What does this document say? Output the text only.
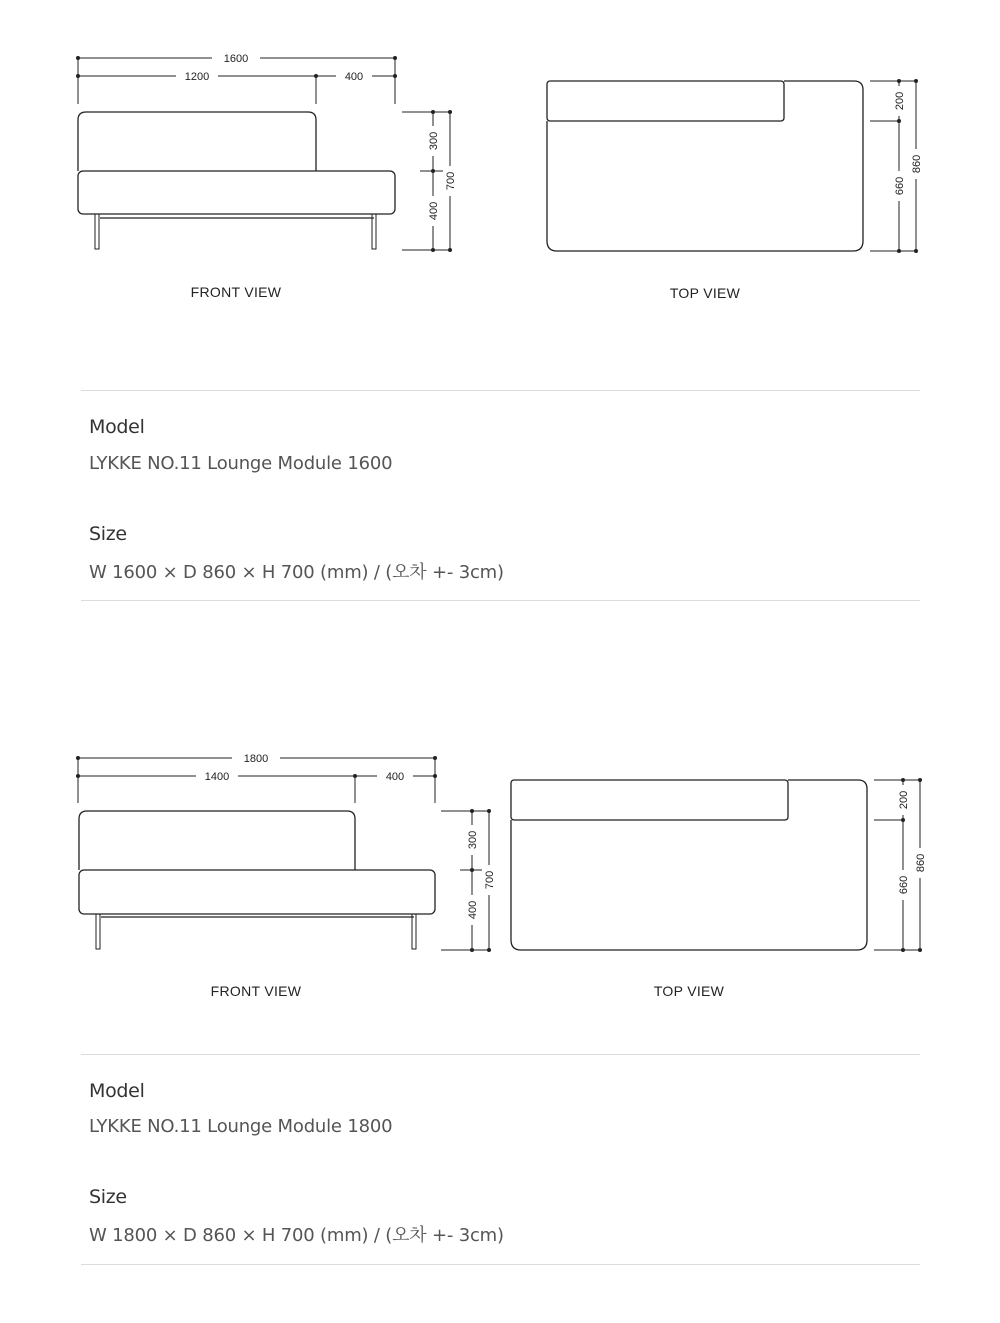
1600
1200	400
300
400
700
FRONT VIEW
200
660
860
TOP VIEW
Model
LYKKE NO.11 Lounge Module 1600
Size
W 1600 × D 860 × H 700 (mm) / (오차 +- 3cm)
1800
1400	400
300
400
700
FRONT VIEW
200
660
860
TOP VIEW
Model
LYKKE NO.11 Lounge Module 1800
Size
W 1800 × D 860 × H 700 (mm) / (오차 +- 3cm)
